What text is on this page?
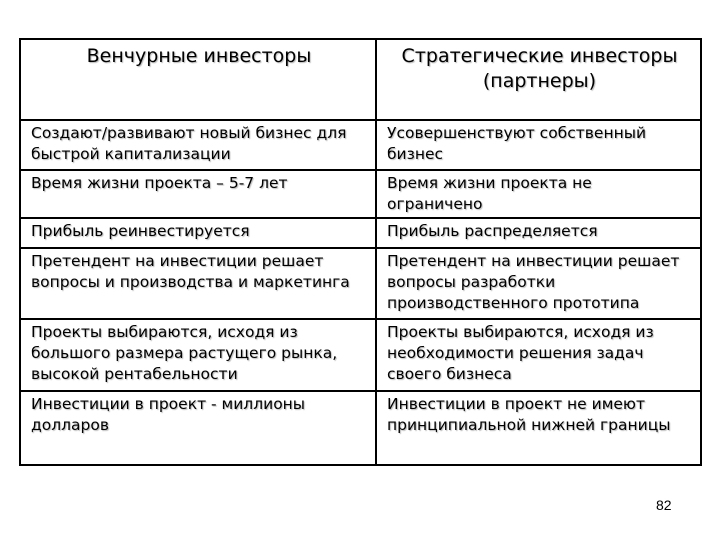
Венчурные инвесторы	Стратегические инвесторы (партнеры)
Создают/развивают новый бизнес для быстрой капитализации	Усовершенствуют собственный бизнес
Время жизни проекта – 5-7 лет	Время жизни проекта не ограничено
Прибыль реинвестируется	Прибыль распределяется
Претендент на инвестиции решает вопросы и производства и маркетинга	Претендент на инвестиции решает вопросы разработки производственного прототипа
Проекты выбираются, исходя из большого размера растущего рынка, высокой рентабельности	Проекты выбираются, исходя из необходимости решения задач своего бизнеса
Инвестиции в проект - миллионы долларов	Инвестиции в проект не имеют принципиальной нижней границы
82
